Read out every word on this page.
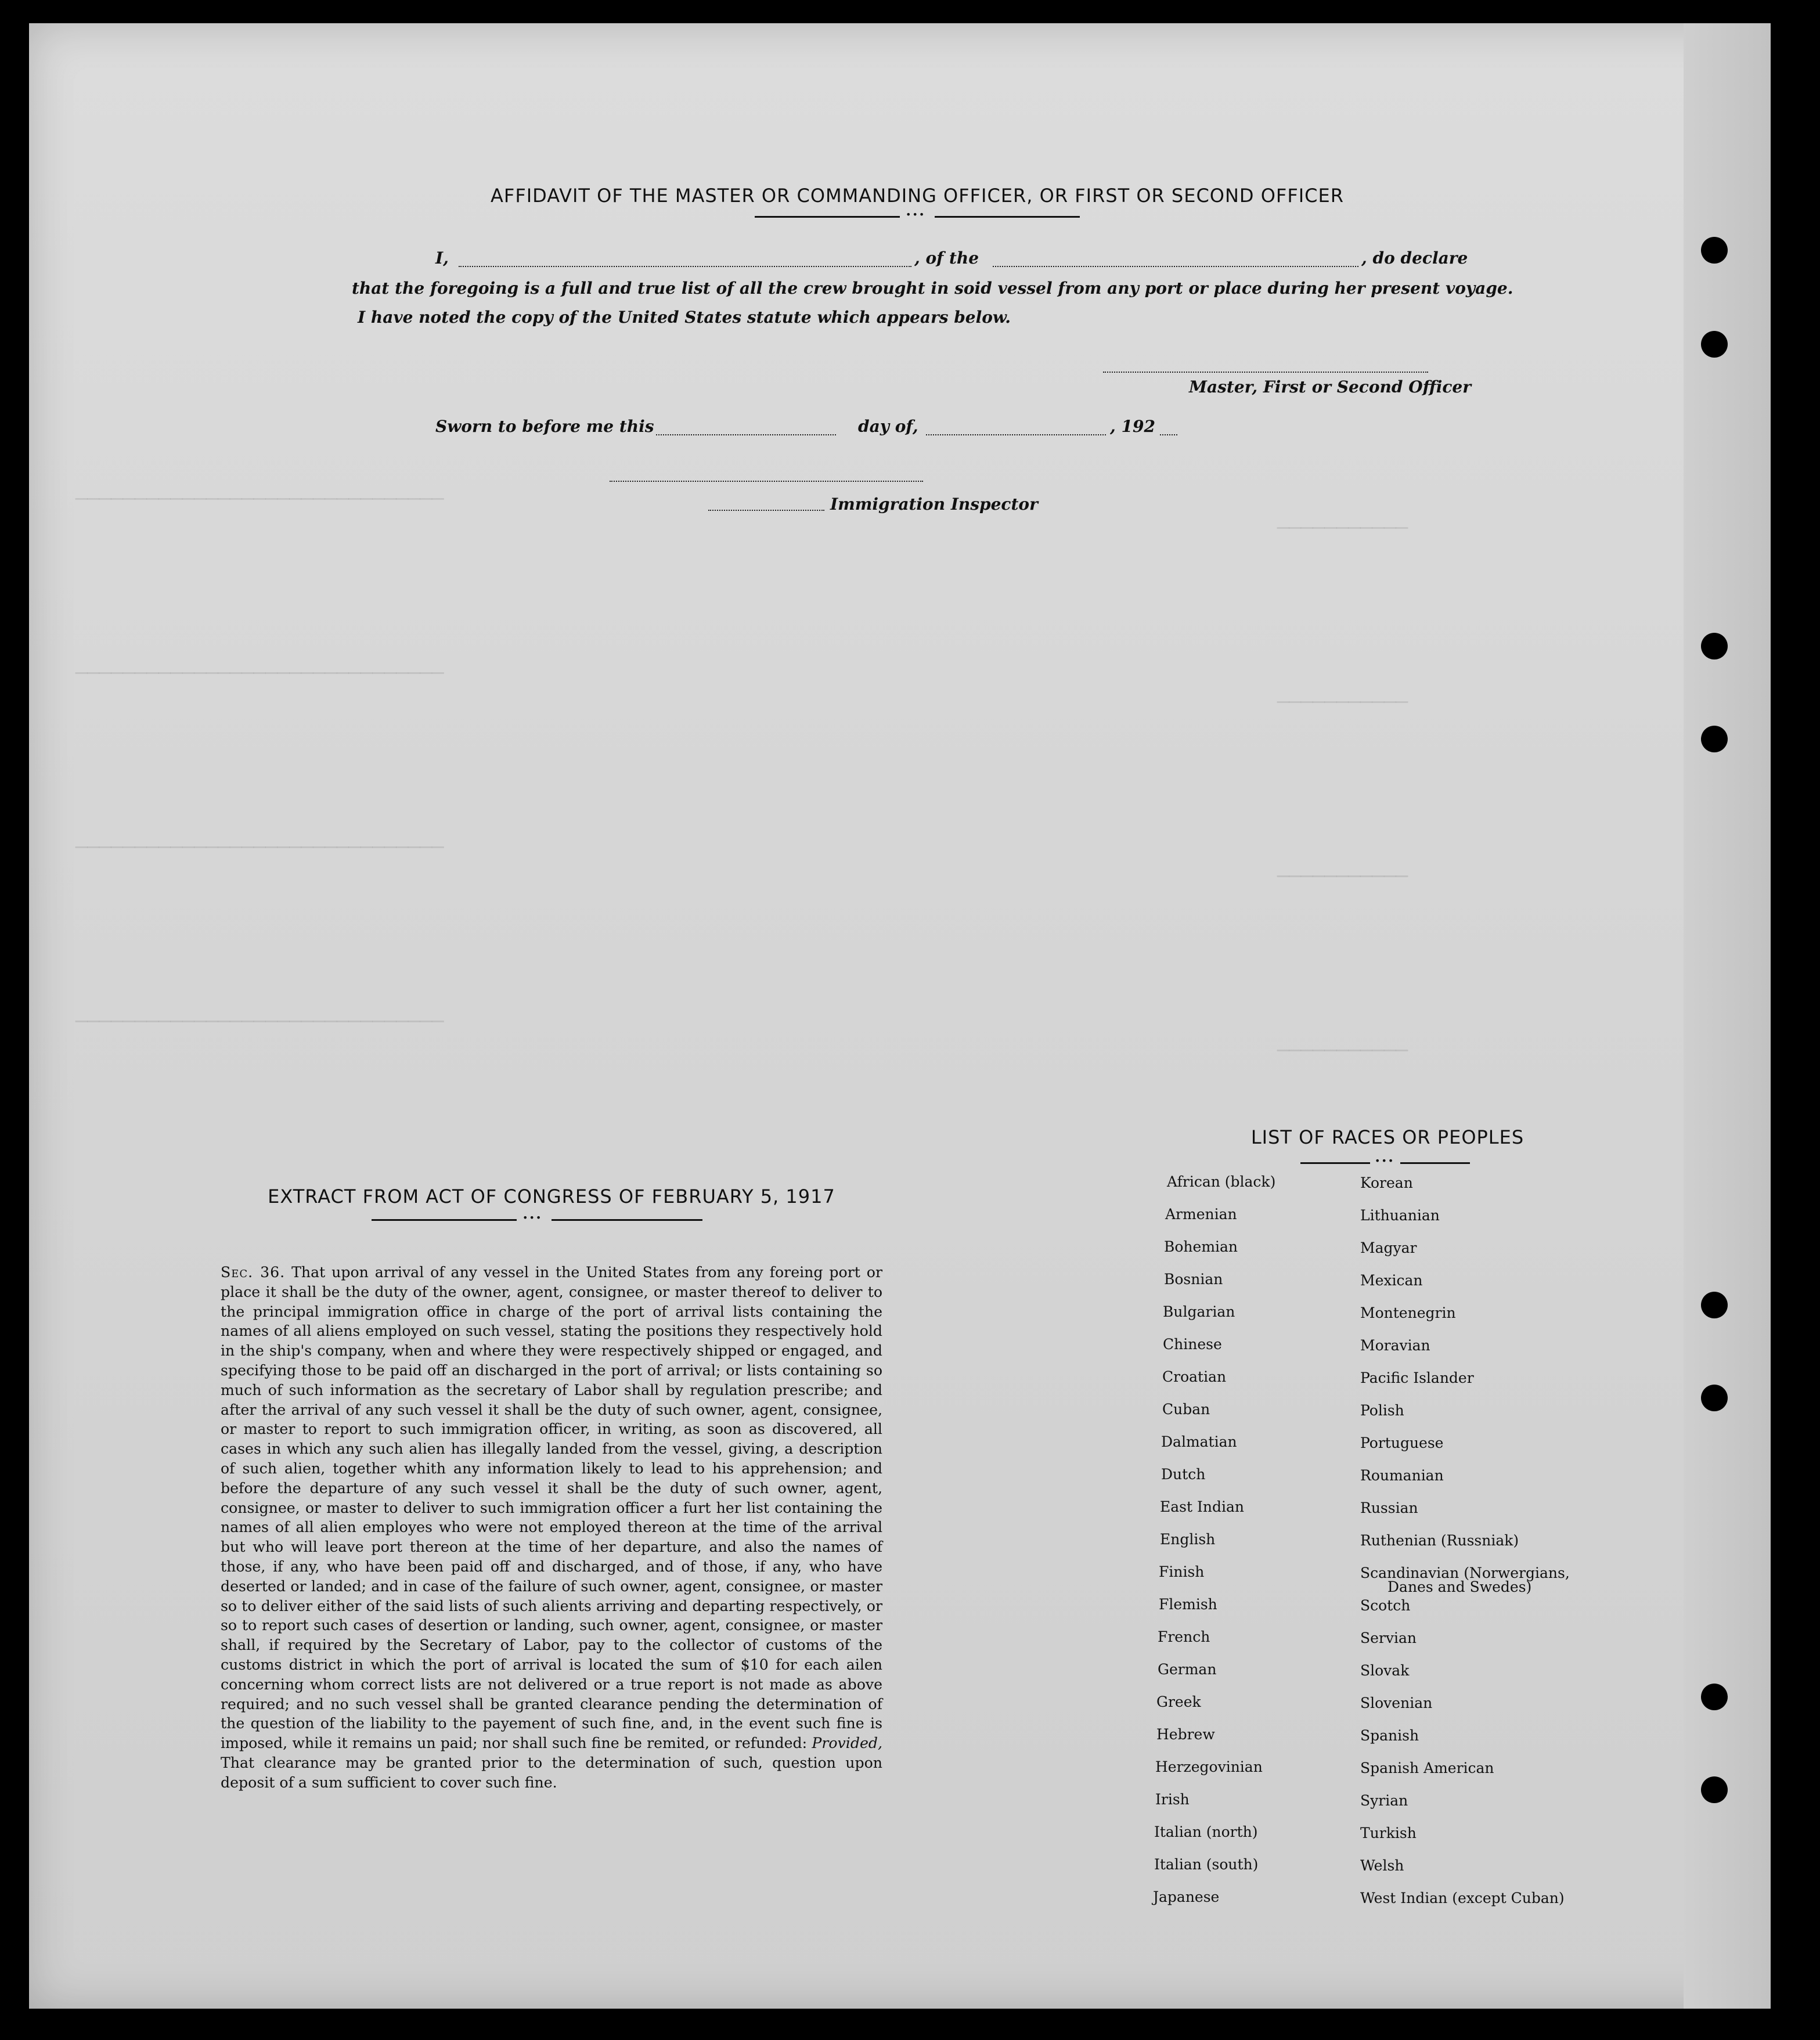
───────────────────────────────
───────────────────────────────
───────────────────────────────
───────────────────────────────
───────────
───────────
───────────
───────────
AFFIDAVIT OF THE MASTER OR COMMANDING OFFICER, OR FIRST OR SECOND OFFICER
•••
I,	, of the	, do declare
that the foregoing is a full and true list of all the crew brought in soid vessel from any port or place during her present voyage.
I have noted the copy of the United States statute which appears below.
Master, First or Second Officer
Sworn to before me this	day of,	, 192
Immigration Inspector
EXTRACT FROM ACT OF CONGRESS OF FEBRUARY 5, 1917
•••
Sec. 36. That upon arrival of any vessel in the United States from any foreing port or place it shall be the duty of the owner, agent, consignee, or master thereof to deliver to the principal immigration office in charge of the port of arrival lists containing the names of all aliens employed on such vessel, stating the positions they respectively hold in the ship's company, when and where they were respectively shipped or engaged, and specifying those to be paid off an discharged in the port of arrival; or lists containing so much of such information as the secretary of Labor shall by regulation prescribe; and after the arrival of any such vessel it shall be the duty of such owner, agent, consignee, or master to report to such immigration officer, in writing, as soon as discovered, all cases in which any such alien has illegally landed from the vessel, giving, a description of such alien, together whith any information likely to lead to his apprehension; and before the departure of any such vessel it shall be the duty of such owner, agent, consignee, or master to deliver to such immigration officer a furt her list containing the names of all alien employes who were not employed thereon at the time of the arrival but who will leave port thereon at the time of her departure, and also the names of those, if any, who have been paid off and discharged, and of those, if any, who have deserted or landed; and in case of the failure of such owner, agent, consignee, or master so to deliver either of the said lists of such alients arriving and departing respectively, or so to report such cases of desertion or landing, such owner, agent, consignee, or master shall, if required by the Secretary of Labor, pay to the collector of customs of the customs district in which the port of arrival is located the sum of $10 for each ailen concerning whom correct lists are not delivered or a true report is not made as above required; and no such vessel shall be granted clearance pending the determination of the question of the liability to the payement of such fine, and, in the event such fine is imposed, while it remains un paid; nor shall such fine be remited, or refunded: Provided, That clearance may be granted prior to the determination of such, question upon deposit of a sum sufficient to cover such fine.
LIST OF RACES OR PEOPLES
•••
African (black)
Armenian
Bohemian
Bosnian
Bulgarian
Chinese
Croatian
Cuban
Dalmatian
Dutch
East Indian
English
Finish
Flemish
French
German
Greek
Hebrew
Herzegovinian
Irish
Italian (north)
Italian (south)
Japanese
Korean
Lithuanian
Magyar
Mexican
Montenegrin
Moravian
Pacific Islander
Polish
Portuguese
Roumanian
Russian
Ruthenian (Russniak)
Scandinavian (Norwergians,
Danes and Swedes)
Scotch
Servian
Slovak
Slovenian
Spanish
Spanish American
Syrian
Turkish
Welsh
West Indian (except Cuban)
